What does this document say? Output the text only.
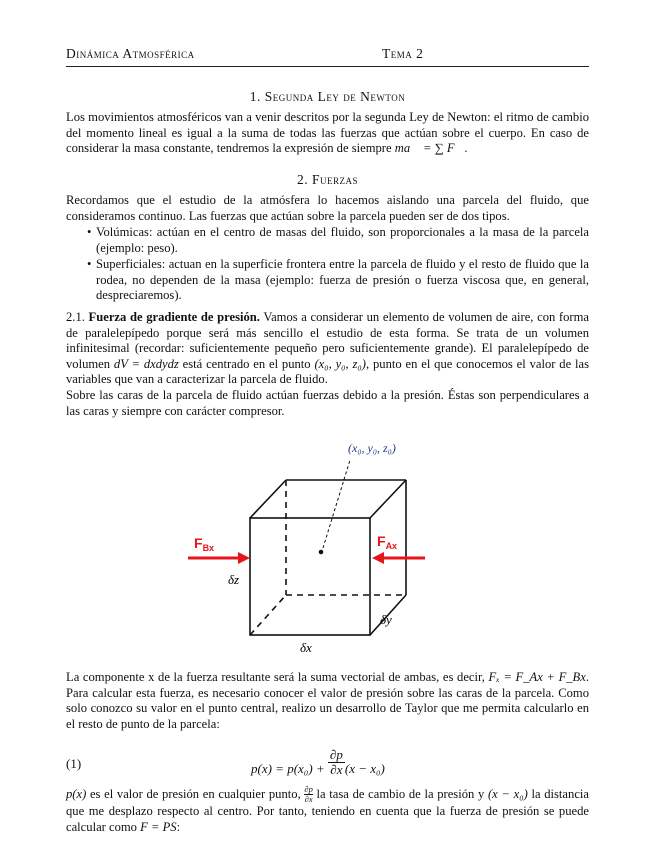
Dinámica Atmosférica	Tema 2
1. Segunda Ley de Newton
Los movimientos atmosféricos van a venir descritos por la segunda Ley de Newton: el ritmo de cambio del momento lineal es igual a la suma de todas las fuerzas que actúan sobre el cuerpo. En caso de considerar la masa constante, tendremos la expresión de siempre ma⃗ = ∑ F⃗.
2. Fuerzas
Recordamos que el estudio de la atmósfera lo hacemos aislando una parcela del fluido, que consideramos continuo. Las fuerzas que actúan sobre la parcela pueden ser de dos tipos.
• Volúmicas: actúan en el centro de masas del fluido, son proporcionales a la masa de la parcela (ejemplo: peso).
• Superficiales: actuan en la superficie frontera entre la parcela de fluido y el resto de fluido que la rodea, no dependen de la masa (ejemplo: fuerza de presión o fuerza viscosa que, en general, despreciaremos).
2.1. Fuerza de gradiente de presión. Vamos a considerar un elemento de volumen de aire, con forma de paralelepípedo porque será más sencillo el estudio de esta forma. Se trata de un volumen infinitesimal (recordar: suficientemente pequeño pero suficientemente grande). El paralelepípedo de volumen dV = dxdydz está centrado en el punto (x₀, y₀, z₀), punto en el que conocemos el valor de las variables que van a caracterizar la parcela de fluido.
Sobre las caras de la parcela de fluido actúan fuerzas debido a la presión. Éstas son perpendiculares a las caras y siempre con carácter compresor.
(x₀, y₀, z₀)
$F_{Bx}$	$F_{Ax}$
δz
δy
δx
La componente x de la fuerza resultante será la suma vectorial de ambas, es decir, Fₓ = F_Ax + F_Bx. Para calcular esta fuerza, es necesario conocer el valor de presión sobre las caras de la parcela. Como solo conozco su valor en el punto central, realizo un desarrollo de Taylor que me permita calcularlo en el resto de punto de la parcela:
(1)	$p(x) = p(x_0) + \frac{\partial p}{\partial x} (x - x_0)$
p(x) es el valor de presión en cualquier punto, $\frac{\partial p}{\partial x}$ la tasa de cambio de la presión y (x − x₀) la distancia que me desplazo respecto al centro. Por tanto, teniendo en cuenta que la fuerza de presión se puede calcular como F = PS:
